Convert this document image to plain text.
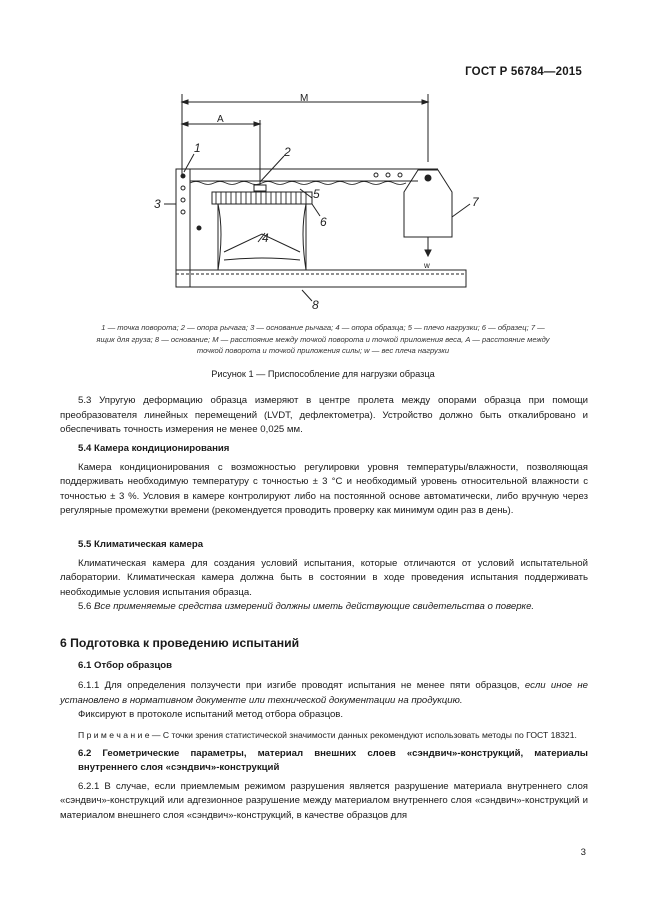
ГОСТ Р 56784—2015
M
A
1	2
3
4
5
6
7
8
w
1 — точка поворота; 2 — опора рычага; 3 — основание рычага; 4 — опора образца; 5 — плечо нагрузки; 6 — образец; 7 —
ящик для груза; 8 — основание; M — расстояние между точкой поворота и точкой приложения веса, A — расстояние между
точкой поворота и точкой приложения силы; w — вес плеча нагрузки
Рисунок 1 — Приспособление для нагрузки образца

5.3 Упругую деформацию образца измеряют в центре пролета между опорами образца при помощи преобразователя линейных перемещений (LVDT, дефлектометра). Устройство должно быть откалибровано и обеспечивать точность измерения не менее 0,025 мм.

5.4 Камера кондиционирования

Камера кондиционирования с возможностью регулировки уровня температуры/влажности, позволяющая поддерживать необходимую температуру с точностью ± 3 °C и необходимый уровень относительной влажности с точностью ± 3 %. Условия в камере контролируют либо на постоянной основе автоматически, либо вручную через регулярные промежутки времени (рекомендуется проводить проверку как минимум один раз в день).

5.5 Климатическая камера

Климатическая камера для создания условий испытания, которые отличаются от условий испытательной лаборатории. Климатическая камера должна быть в состоянии в ходе проведения испытания поддерживать необходимые условия испытания образца.

5.6 Все применяемые средства измерений должны иметь действующие свидетельства о поверке.

6 Подготовка к проведению испытаний
6.1 Отбор образцов

6.1.1 Для определения ползучести при изгибе проводят испытания не менее пяти образцов, если иное не установлено в нормативном документе или технической документации на продукцию.

Фиксируют в протоколе испытаний метод отбора образцов.

П р и м е ч а н и е — С точки зрения статистической значимости данных рекомендуют использовать методы по ГОСТ 18321.

6.2 Геометрические параметры, материал внешних слоев «сэндвич»-конструкций, материалы внутреннего слоя «сэндвич»-конструкций

6.2.1 В случае, если приемлемым режимом разрушения является разрушение материала внутреннего слоя «сэндвич»-конструкций или адгезионное разрушение между материалом внутреннего слоя «сэндвич»-конструкций и материалом внешнего слоя «сэндвич»-конструкций, в качестве образцов для

3
